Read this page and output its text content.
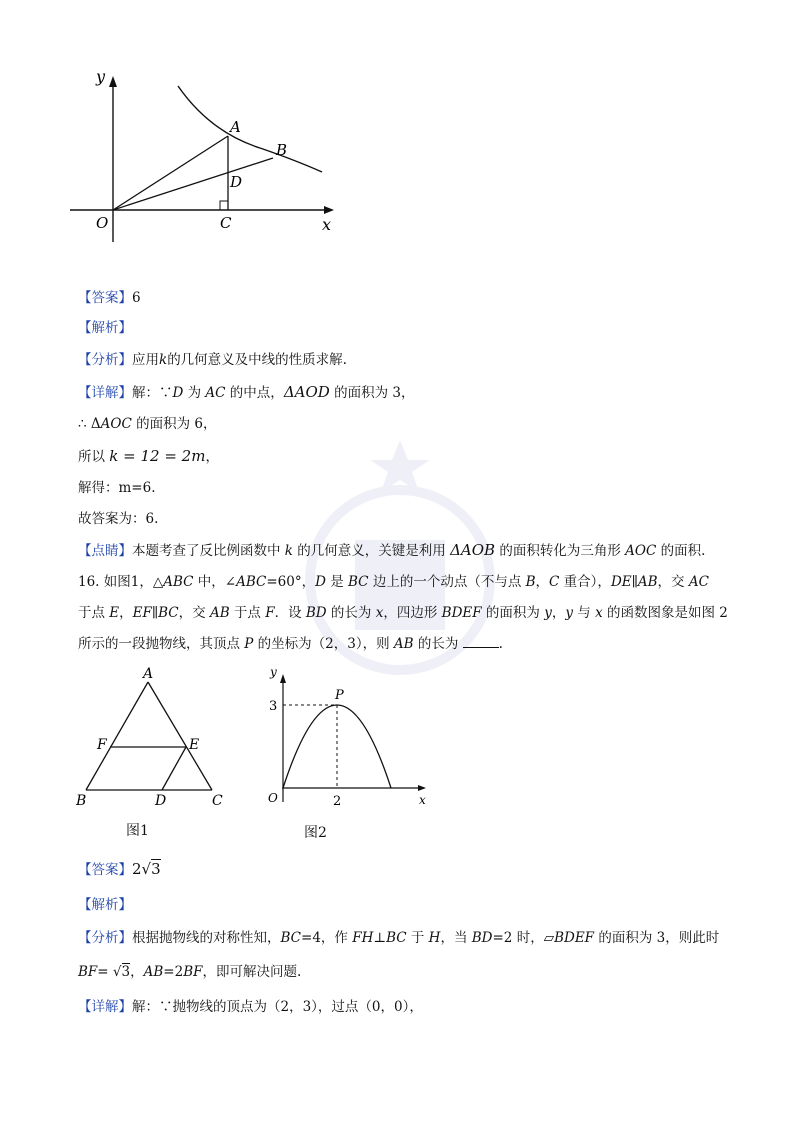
y
x
O
A
B
C
D
【答案】6
【解析】
【分析】应用k的几何意义及中线的性质求解.
【详解】解：∵D 为 AC 的中点，ΔAOD 的面积为 3，
∴ ΔAOC 的面积为 6，
所以 k = 12 = 2m，
解得：m=6.
故答案为：6.
【点睛】本题考查了反比例函数中 k 的几何意义，关键是利用 ΔAOB 的面积转化为三角形 AOC 的面积.
16. 如图1，△ABC 中，∠ABC=60°，D 是 BC 边上的一个动点（不与点 B，C 重合），DE∥AB，交 AC
于点 E，EF∥BC，交 AB 于点 F．设 BD 的长为 x，四边形 BDEF 的面积为 y，y 与 x 的函数图象是如图 2
所示的一段抛物线，其顶点 P 的坐标为（2，3），则 AB 的长为	.
A
B	C
D
E
F
图1
y
x
O
P
3
2
图2
【答案】2√3
【解析】
【分析】根据抛物线的对称性知，BC=4，作 FH⊥BC 于 H，当 BD=2 时，▱BDEF 的面积为 3，则此时
BF= √3，AB=2BF，即可解决问题.
【详解】解：∵抛物线的顶点为（2，3），过点（0，0），
